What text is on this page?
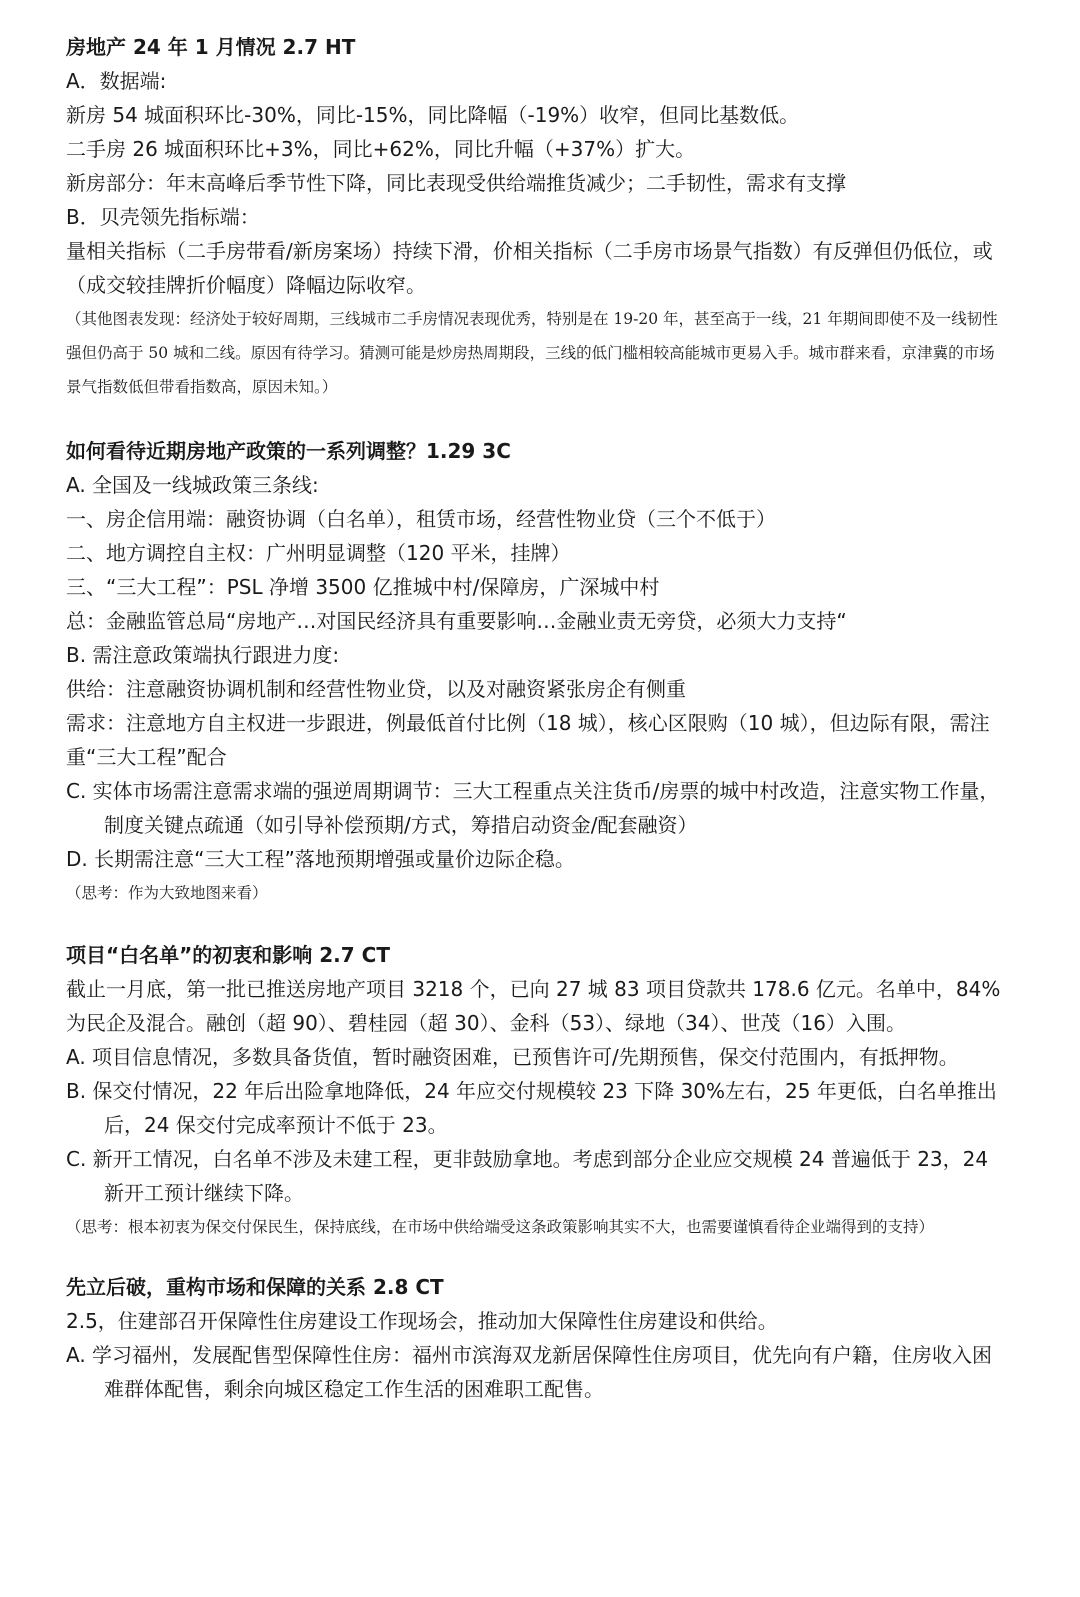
房地产 24 年 1 月情况 2.7 HT

A．数据端:

新房 54 城面积环比-30%，同比-15%，同比降幅（-19%）收窄，但同比基数低。

二手房 26 城面积环比+3%，同比+62%，同比升幅（+37%）扩大。

新房部分：年末高峰后季节性下降，同比表现受供给端推货减少；二手韧性，需求有支撑

B．贝壳领先指标端：

量相关指标（二手房带看/新房案场）持续下滑，价相关指标（二手房市场景气指数）有反弹但仍低位，或（成交较挂牌折价幅度）降幅边际收窄。

（其他图表发现：经济处于较好周期，三线城市二手房情况表现优秀，特别是在 19-20 年，甚至高于一线，21 年期间即使不及一线韧性强但仍高于 50 城和二线。原因有待学习。猜测可能是炒房热周期段，三线的低门槛相较高能城市更易入手。城市群来看，京津冀的市场景气指数低但带看指数高，原因未知。）

如何看待近期房地产政策的一系列调整？1.29 3C

A. 全国及一线城政策三条线:

一、房企信用端：融资协调（白名单），租赁市场，经营性物业贷（三个不低于）

二、地方调控自主权：广州明显调整（120 平米，挂牌）

三、“三大工程”：PSL 净增 3500 亿推城中村/保障房，广深城中村

总：金融监管总局“房地产…对国民经济具有重要影响…金融业责无旁贷，必须大力支持“

B. 需注意政策端执行跟进力度:

供给：注意融资协调机制和经营性物业贷，以及对融资紧张房企有侧重

需求：注意地方自主权进一步跟进，例最低首付比例（18 城），核心区限购（10 城），但边际有限，需注重“三大工程”配合

C. 实体市场需注意需求端的强逆周期调节：三大工程重点关注货币/房票的城中村改造，注意实物工作量，制度关键点疏通（如引导补偿预期/方式，筹措启动资金/配套融资）

D. 长期需注意“三大工程”落地预期增强或量价边际企稳。

（思考：作为大致地图来看）

项目“白名单”的初衷和影响 2.7 CT

截止一月底，第一批已推送房地产项目 3218 个，已向 27 城 83 项目贷款共 178.6 亿元。名单中，84%为民企及混合。融创（超 90）、碧桂园（超 30）、金科（53）、绿地（34）、世茂（16）入围。

A. 项目信息情况，多数具备货值，暂时融资困难，已预售许可/先期预售，保交付范围内，有抵押物。

B. 保交付情况，22 年后出险拿地降低，24 年应交付规模较 23 下降 30%左右，25 年更低，白名单推出后，24 保交付完成率预计不低于 23。

C. 新开工情况，白名单不涉及未建工程，更非鼓励拿地。考虑到部分企业应交规模 24 普遍低于 23，24 新开工预计继续下降。

（思考：根本初衷为保交付保民生，保持底线，在市场中供给端受这条政策影响其实不大，也需要谨慎看待企业端得到的支持）

先立后破，重构市场和保障的关系 2.8 CT

2.5，住建部召开保障性住房建设工作现场会，推动加大保障性住房建设和供给。

A. 学习福州，发展配售型保障性住房：福州市滨海双龙新居保障性住房项目，优先向有户籍，住房收入困难群体配售，剩余向城区稳定工作生活的困难职工配售。
